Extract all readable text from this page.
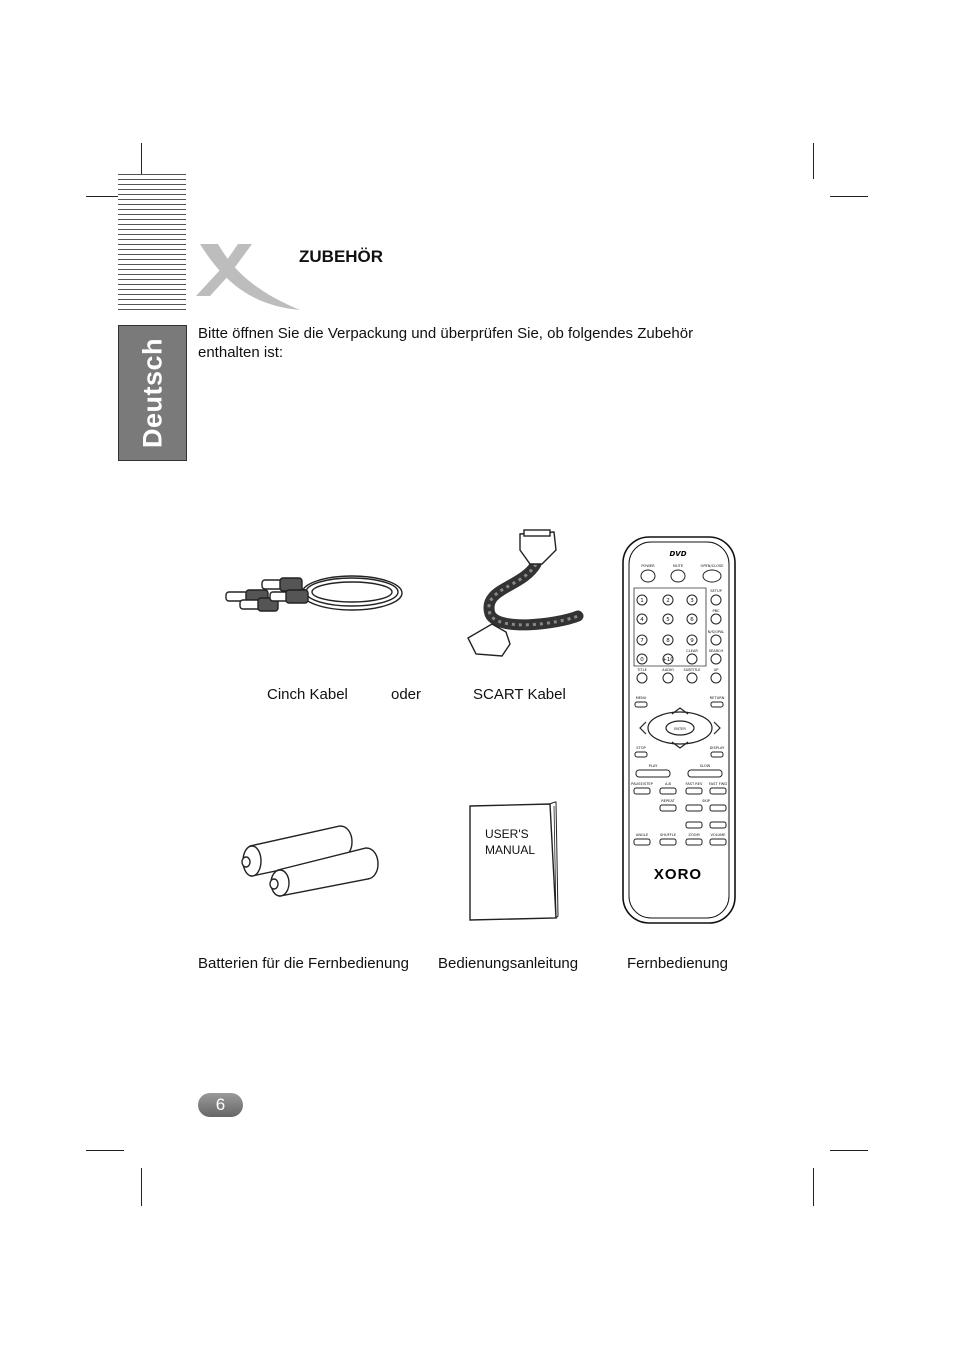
Deutsch
ZUBEHÖR
Bitte öffnen Sie die Verpackung und überprüfen Sie, ob folgendes Zubehör enthalten ist:
Cinch Kabel	oder	SCART Kabel
1	2	3
4	5	6
7	8	9
0	+10
ENTER
POWER	MUTE	OPEN/CLOSE
SETUP
PBC
N/S/OPAL
CLEAR	SEARCH
TITLE	AUDIO	SUBTITLE	UP
MENU	RETURN
STOP	DISPLAY
PLAY	SLOW
PAUSE/STEP	A-B	FAST REV FAST FWD
REPEAT	SKIP
ANGLE	SHUFFLE	ZOOM	VOLUME
DVD
XORO
USER'S
MANUAL
Batterien für die Fernbedienung Bedienungsanleitung	Fernbedienung
6
